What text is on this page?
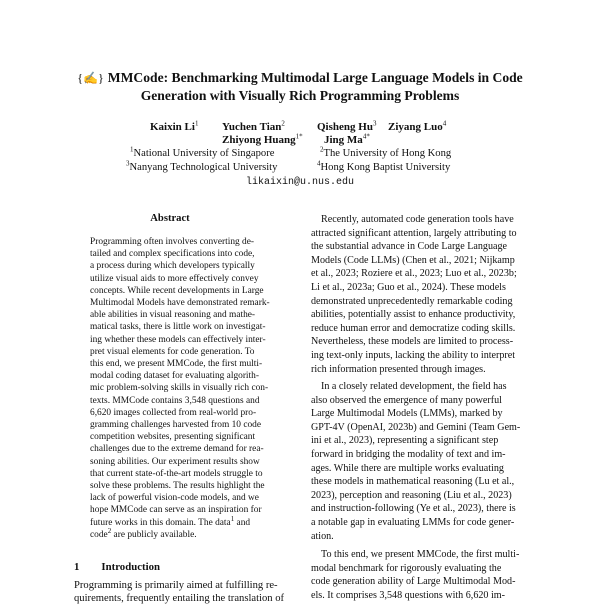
{✍} MMCode: Benchmarking Multimodal Large Language Models in Code
Generation with Visually Rich Programming Problems
Kaixin Li$^1$ Yuchen Tian$^2$	Qisheng Hu$^3$ Ziyang Luo$^4$
Zhiyong Huang$^{1*}$ Jing $Ma^{4*}$
$^1$National University of Singapore	$^2$The University of Hong Kong
$^3$Nanyang Technological University	$^4$Hong Kong Baptist University
likaixin@u.nus.edu
Abstract
Programming often involves converting de-
tailed and complex specifications into code,
a process during which developers typically
utilize visual aids to more effectively convey
concepts. While recent developments in Large
Multimodal Models have demonstrated remark-
able abilities in visual reasoning and mathe-
matical tasks, there is little work on investigat-
ing whether these models can effectively inter-
pret visual elements for code generation. To
this end, we present MMCode, the first multi-
modal coding dataset for evaluating algorith-
mic problem-solving skills in visually rich con-
texts. MMCode contains 3,548 questions and
6,620 images collected from real-world pro-
gramming challenges harvested from 10 code
competition websites, presenting significant
challenges due to the extreme demand for rea-
soning abilities. Our experiment results show
that current state-of-the-art models struggle to
solve these problems. The results highlight the
lack of powerful vision-code models, and we
hope MMCode can serve as an inspiration for
future works in this domain. The data$^1$ and
code$^2$ are publicly available.
1 Introduction
Programming is primarily aimed at fulfilling re-
quirements, frequently entailing the translation of
Recently, automated code generation tools have
attracted significant attention, largely attributing to
the substantial advance in Code Large Language
Models (Code LLMs) (Chen et al., 2021; Nijkamp
et al., 2023; Roziere et al., 2023; Luo et al., 2023b;
Li et al., 2023a; Guo et al., 2024). These models
demonstrated unprecedentedly remarkable coding
abilities, potentially assist to enhance productivity,
reduce human error and democratize coding skills.
Nevertheless, these models are limited to process-
ing text-only inputs, lacking the ability to interpret
rich information presented through images.
In a closely related development, the field has
also observed the emergence of many powerful
Large Multimodal Models (LMMs), marked by
GPT-4V (OpenAI, 2023b) and Gemini (Team Gem-
ini et al., 2023), representing a significant step
forward in bridging the modality of text and im-
ages. While there are multiple works evaluating
these models in mathematical reasoning (Lu et al.,
2023), perception and reasoning (Liu et al., 2023)
and instruction-following (Ye et al., 2023), there is
a notable gap in evaluating LMMs for code gener-
ation.
To this end, we present MMCode, the first multi-
modal benchmark for rigorously evaluating the
code generation ability of Large Multimodal Mod-
els. It comprises 3,548 questions with 6,620 im-
